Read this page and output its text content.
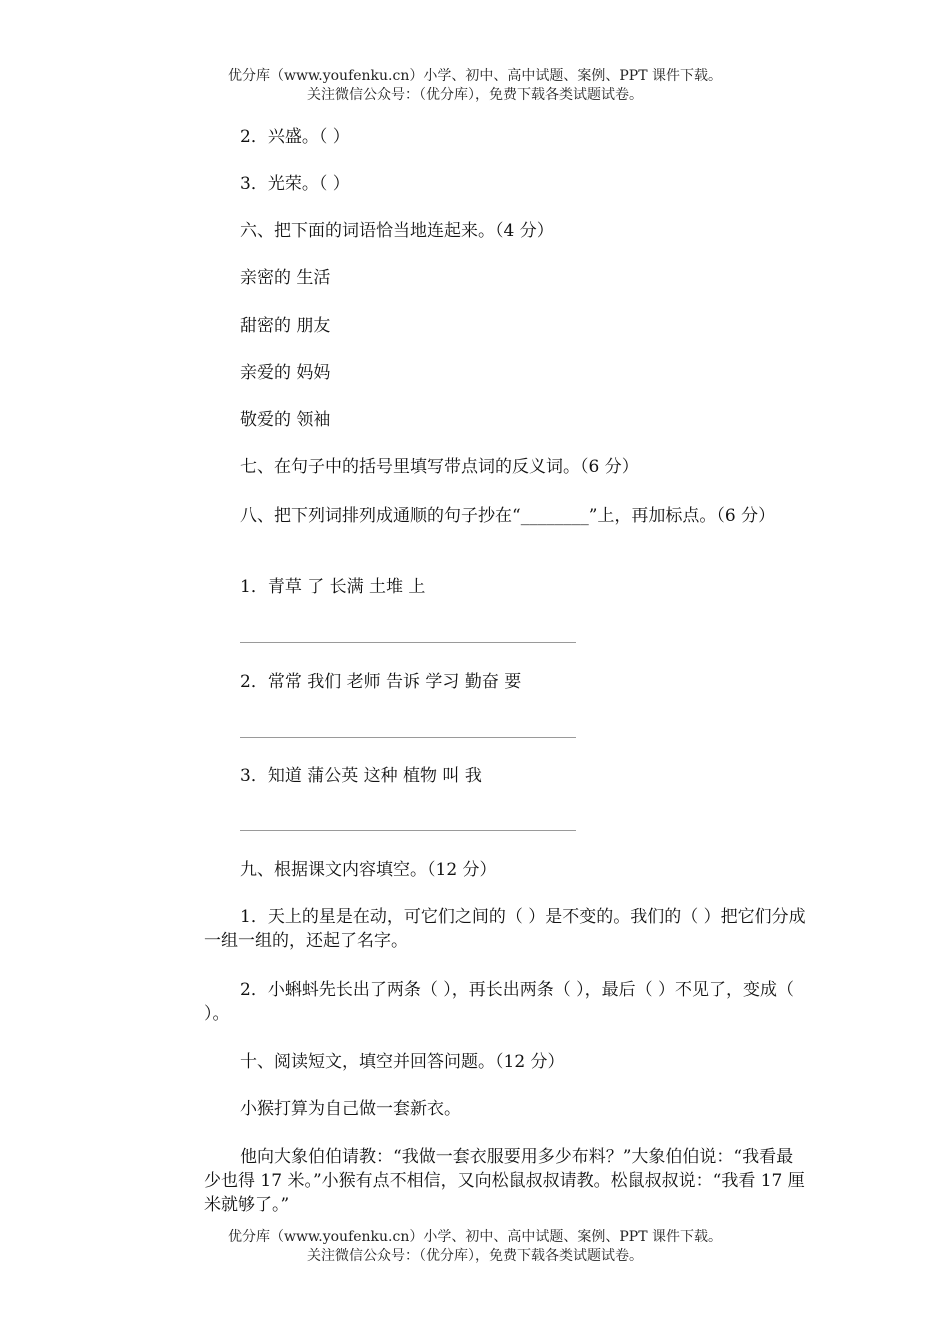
优分库（www.youfenku.cn）小学、初中、高中试题、案例、PPT 课件下载。
关注微信公众号：（优分库），免费下载各类试题试卷。
2．兴盛。（ ）
3．光荣。（ ）
六、把下面的词语恰当地连起来。（4 分）
亲密的 生活
甜密的 朋友
亲爱的 妈妈
敬爱的 领袖
七、在句子中的括号里填写带点词的反义词。（6 分）
八、把下列词排列成通顺的句子抄在“________”上，再加标点。（6 分）
1．青草 了 长满 土堆 上
2．常常 我们 老师 告诉 学习 勤奋 要
3．知道 蒲公英 这种 植物 叫 我
九、根据课文内容填空。（12 分）
1．天上的星是在动，可它们之间的（ ）是不变的。我们的（ ）把它们分成一组一组的，还起了名字。
2．小蝌蚪先长出了两条（ ），再长出两条（ ），最后（ ）不见了，变成（ ）。
十、阅读短文，填空并回答问题。（12 分）
小猴打算为自己做一套新衣。
他向大象伯伯请教：“我做一套衣服要用多少布料？”大象伯伯说：“我看最少也得 17 米。”小猴有点不相信，又向松鼠叔叔请教。松鼠叔叔说：“我看 17 厘米就够了。”
优分库（www.youfenku.cn）小学、初中、高中试题、案例、PPT 课件下载。
关注微信公众号：（优分库），免费下载各类试题试卷。
